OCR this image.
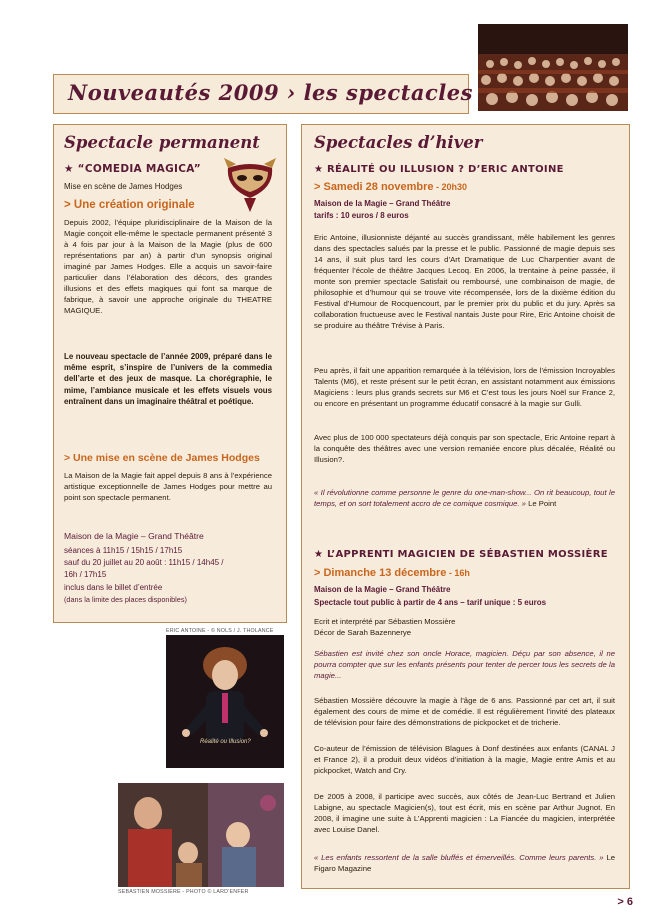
Nouveautés 2009 › les spectacles
Spectacle permanent
★ “COMEDIA MAGICA”
Mise en scène de James Hodges
> Une création originale
Depuis 2002, l’équipe pluridisciplinaire de la Maison de la Magie conçoit elle-même le spectacle permanent présenté 3 à 4 fois par jour à la Maison de la Magie (plus de 600 représentations par an) à partir d’un synopsis original imaginé par James Hodges. Elle a acquis un savoir-faire particulier dans l’élaboration des décors, des grandes illusions et des effets magiques qui font sa marque de fabrique, à savoir une approche originale du THEATRE MAGIQUE.
Le nouveau spectacle de l’année 2009, préparé dans le même esprit, s’inspire de l’univers de la commedia dell’arte et des jeux de masque. La chorégraphie, le mime, l’ambiance musicale et les effets visuels vous entraînent dans un imaginaire théâtral et poétique.
> Une mise en scène de James Hodges
La Maison de la Magie fait appel depuis 8 ans à l’expérience artistique exceptionnelle de James Hodges pour mettre au point son spectacle permanent.
Maison de la Magie – Grand Théâtre
séances à 11h15 / 15h15 / 17h15
sauf du 20 juillet au 20 août : 11h15 / 14h45 /
16h / 17h15
inclus dans le billet d’entrée
(dans la limite des places disponibles)
ERIC ANTOINE - © NOLS / J. THOLANCE
Réalité ou Illusion?
SEBASTIEN MOSSIERE - PHOTO © LARD’ENFER
Spectacles d’hiver
★ RÉALITÉ OU ILLUSION ? D’ERIC ANTOINE
> Samedi 28 novembre - 20h30
Maison de la Magie – Grand Théâtre
tarifs : 10 euros / 8 euros
Eric Antoine, illusionniste déjanté au succès grandissant, mêle habilement les genres dans des spectacles salués par la presse et le public. Passionné de magie depuis ses 14 ans, il suit plus tard les cours d’Art Dramatique de Luc Charpentier avant de fréquenter l’école de théâtre Jacques Lecoq. En 2006, la trentaine à peine passée, il monte son premier spectacle Satisfait ou remboursé, une combinaison de magie, de philosophie et d’humour qui se trouve vite récompensée, lors de la dixième édition du Festival d’Humour de Rocquencourt, par le premier prix du public et du jury. Après sa collaboration fructueuse avec le Festival nantais Juste pour Rire, Eric Antoine choisit de se produire au théâtre Trévise à Paris.
Peu après, il fait une apparition remarquée à la télévision, lors de l’émission Incroyables Talents (M6), et reste présent sur le petit écran, en assistant notamment aux émissions Magiciens : leurs plus grands secrets sur M6 et C’est tous les jours Noël sur France 2, ou encore en présentant un programme éducatif consacré à la magie sur Gulli.
Avec plus de 100 000 spectateurs déjà conquis par son spectacle, Eric Antoine repart à la conquête des théâtres avec une version remaniée encore plus décalée, Réalité ou Illusion?.
« Il révolutionne comme personne le genre du one-man-show... On rit beaucoup, tout le temps, et on sort totalement accro de ce comique cosmique. » Le Point
★ L’APPRENTI MAGICIEN DE SÉBASTIEN MOSSIÈRE
> Dimanche 13 décembre - 16h
Maison de la Magie – Grand Théâtre
Spectacle tout public à partir de 4 ans – tarif unique : 5 euros
Ecrit et interprété par Sébastien Mossière
Décor de Sarah Bazennerye
Sébastien est invité chez son oncle Horace, magicien. Déçu par son absence, il ne pourra compter que sur les enfants présents pour tenter de percer tous les secrets de la magie...
Sébastien Mossière découvre la magie à l’âge de 6 ans. Passionné par cet art, il suit également des cours de mime et de comédie. Il est régulièrement l’invité des plateaux de télévision pour faire des démonstrations de pickpocket et de tricherie.
Co-auteur de l’émission de télévision Blagues à Donf destinées aux enfants (CANAL J et France 2), il a produit deux vidéos d’initiation à la magie, Magie entre Amis et au pickpocket, Watch and Cry.
De 2005 à 2008, il participe avec succès, aux côtés de Jean-Luc Bertrand et Julien Labigne, au spectacle Magicien(s), tout est écrit, mis en scène par Arthur Jugnot. En 2008, il imagine une suite à L’Apprenti magicien : La Fiancée du magicien, interprétée avec Louise Danel.
« Les enfants ressortent de la salle bluffés et émerveillés. Comme leurs parents. » Le Figaro Magazine
> 6
